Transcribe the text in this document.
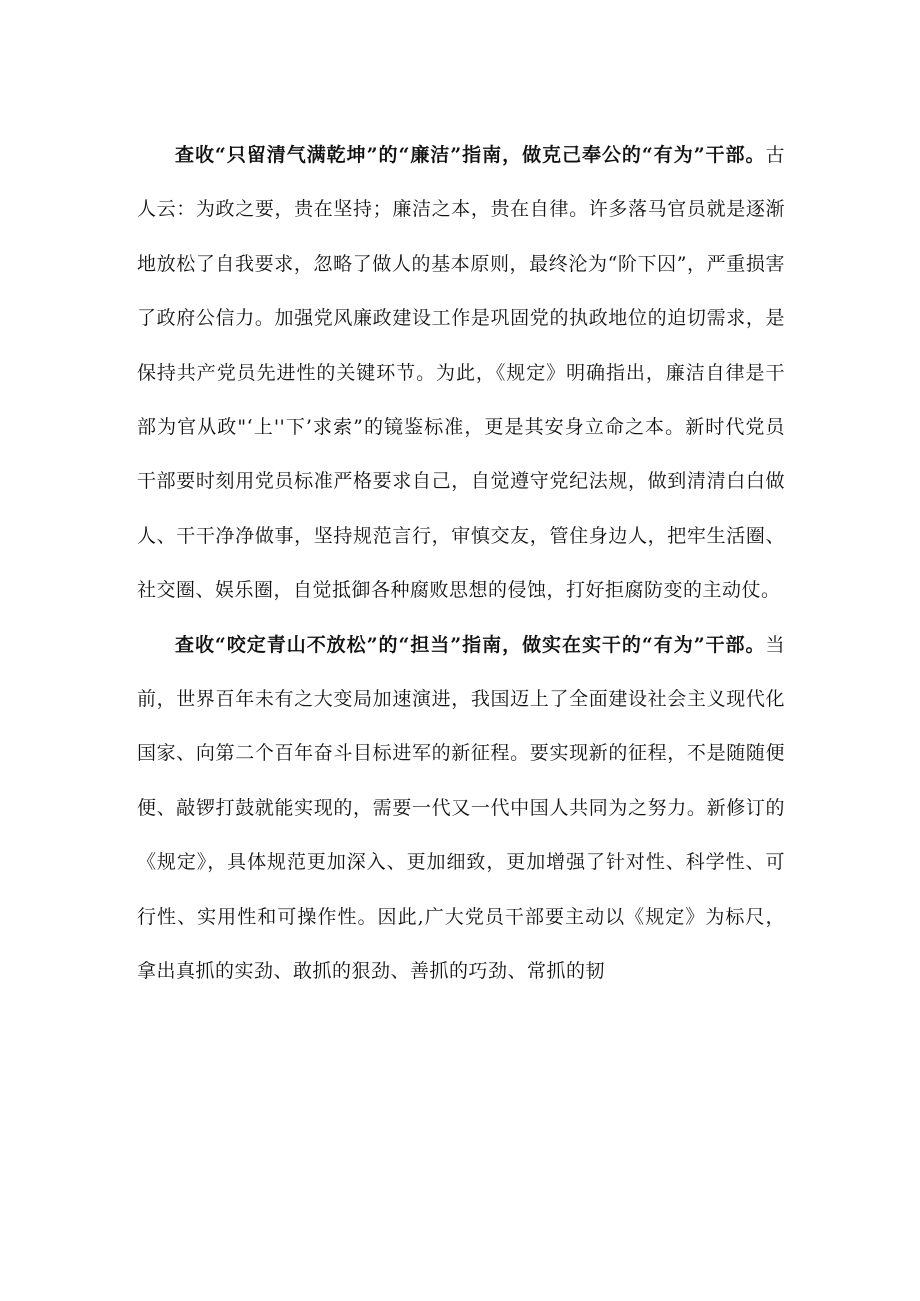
查收“只留清气满乾坤”的“廉洁”指南，做克己奉公的“有为”干部。古人云：为政之要，贵在坚持；廉洁之本，贵在自律。许多落马官员就是逐渐地放松了自我要求，忽略了做人的基本原则，最终沦为“阶下囚”，严重损害了政府公信力。加强党风廉政建设工作是巩固党的执政地位的迫切需求，是保持共产党员先进性的关键环节。为此，《规定》明确指出，廉洁自律是干部为官从政"‘上''下’求索”的镜鉴标准，更是其安身立命之本。新时代党员干部要时刻用党员标准严格要求自己，自觉遵守党纪法规，做到清清白白做人、干干净净做事，坚持规范言行，审慎交友，管住身边人，把牢生活圈、社交圈、娱乐圈，自觉抵御各种腐败思想的侵蚀，打好拒腐防变的主动仗。

查收“咬定青山不放松”的“担当”指南，做实在实干的“有为”干部。当前，世界百年未有之大变局加速演进，我国迈上了全面建设社会主义现代化国家、向第二个百年奋斗目标进军的新征程。要实现新的征程，不是随随便便、敲锣打鼓就能实现的，需要一代又一代中国人共同为之努力。新修订的《规定》，具体规范更加深入、更加细致，更加增强了针对性、科学性、可行性、实用性和可操作性。因此,广大党员干部要主动以《规定》为标尺，拿出真抓的实劲、敢抓的狠劲、善抓的巧劲、常抓的韧
